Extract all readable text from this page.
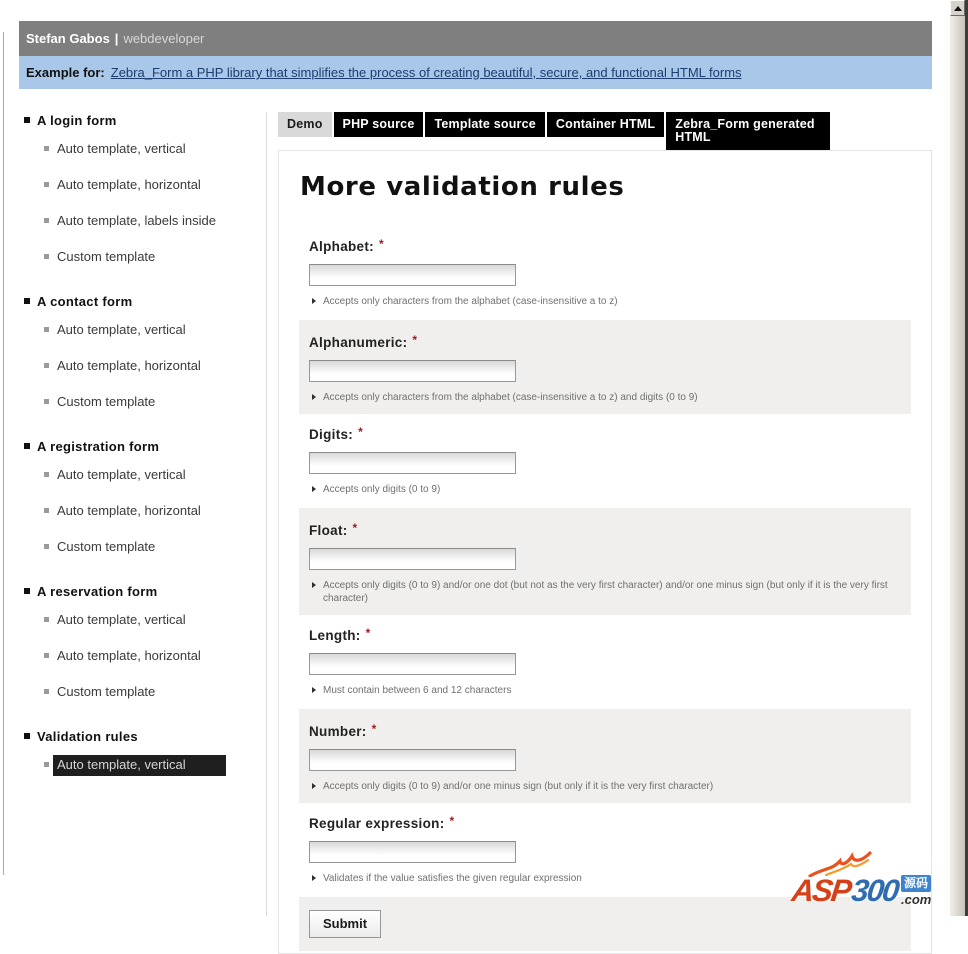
Stefan Gabos | webdeveloper
Example for: Zebra_Form a PHP library that simplifies the process of creating beautiful, secure, and functional HTML forms
A login form
Auto template, vertical
Auto template, horizontal
Auto template, labels inside
Custom template
A contact form
Auto template, vertical
Auto template, horizontal
Custom template
A registration form
Auto template, vertical
Auto template, horizontal
Custom template
A reservation form
Auto template, vertical
Auto template, horizontal
Custom template
Validation rules
Auto template, vertical
Demo	PHP source	Template source	Container HTML	Zebra_Form generated HTML
More validation rules
Alphabet: *
Accepts only characters from the alphabet (case-insensitive a to z)
Alphanumeric: *
Accepts only characters from the alphabet (case-insensitive a to z) and digits (0 to 9)
Digits: *
Accepts only digits (0 to 9)
Float: *
Accepts only digits (0 to 9) and/or one dot (but not as the very first character) and/or one minus sign (but only if it is the very first character)
Length: *
Must contain between 6 and 12 characters
Number: *
Accepts only digits (0 to 9) and/or one minus sign (but only if it is the very first character)
Regular expression: *
Validates if the value satisfies the given regular expression
Submit
ASP
300 源码
.com
